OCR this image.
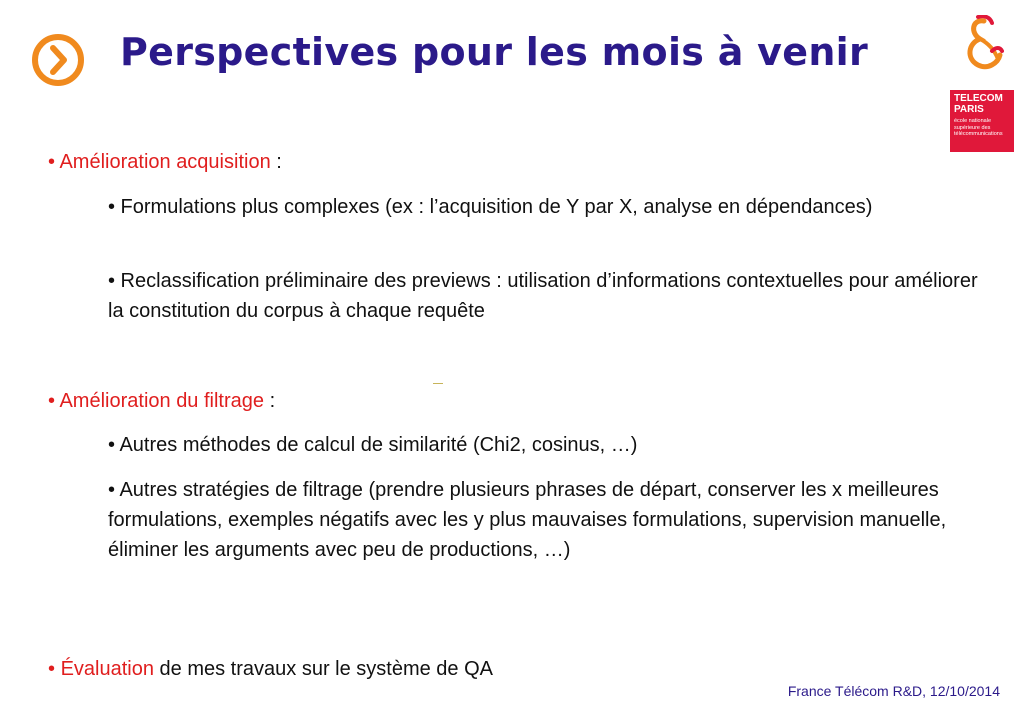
Perspectives pour les mois à venir
TELECOM
PARIS
école nationale
supérieure des
télécommunications
• Amélioration acquisition :
• Formulations plus complexes (ex : l’acquisition de Y par X, analyse en dépendances)
• Reclassification préliminaire des previews : utilisation d’informations contextuelles pour améliorer la constitution du corpus à chaque requête
• Amélioration du filtrage :
• Autres méthodes de calcul de similarité (Chi2, cosinus, …)
• Autres stratégies de filtrage (prendre plusieurs phrases de départ, conserver les x meilleures formulations, exemples négatifs avec les y plus mauvaises formulations, supervision manuelle, éliminer les arguments avec peu de productions, …)
• Évaluation de mes travaux sur le système de QA
France Télécom R&D, 12/10/2014
